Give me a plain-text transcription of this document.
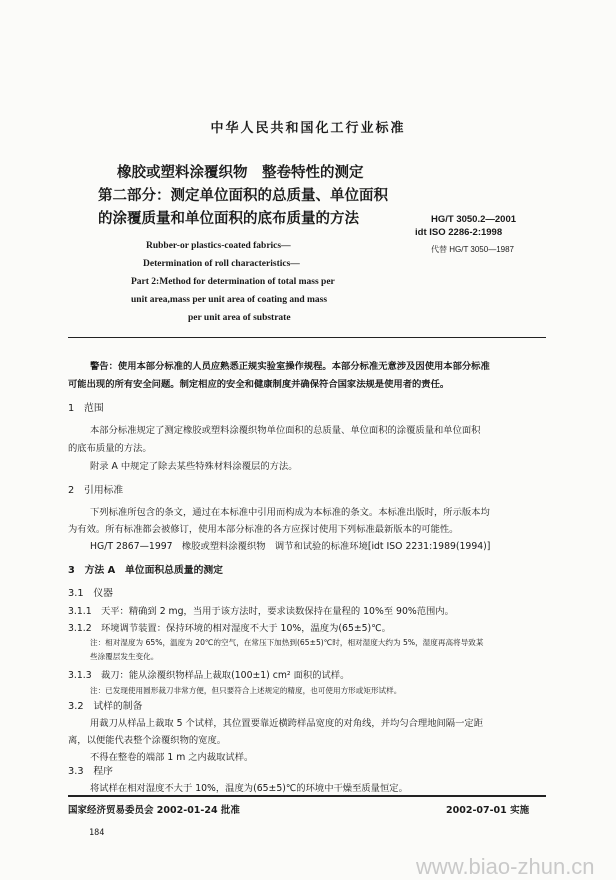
中华人民共和国化工行业标准
橡胶或塑料涂覆织物　整卷特性的测定
第二部分：测定单位面积的总质量、单位面积
的涂覆质量和单位面积的底布质量的方法	HG/T 3050.2—2001
idt ISO 2286-2:1998
代替 HG/T 3050—1987
Rubber-or plastics-coated fabrics—
Determination of roll characteristics—
Part 2:Method for determination of total mass per
unit area,mass per unit area of coating and mass
per unit area of substrate
警告：使用本部分标准的人员应熟悉正规实验室操作规程。本部分标准无意涉及因使用本部分标准
可能出现的所有安全问题。制定相应的安全和健康制度并确保符合国家法规是使用者的责任。
1　范围
本部分标准规定了测定橡胶或塑料涂覆织物单位面积的总质量、单位面积的涂覆质量和单位面积
的底布质量的方法。
附录 A 中规定了除去某些特殊材料涂覆层的方法。
2　引用标准
下列标准所包含的条文，通过在本标准中引用而构成为本标准的条文。本标准出版时，所示版本均
为有效。所有标准都会被修订，使用本部分标准的各方应探讨使用下列标准最新版本的可能性。
HG/T 2867—1997　橡胶或塑料涂覆织物　调节和试验的标准环境[idt ISO 2231:1989(1994)]
3　方法 A　单位面积总质量的测定
3.1　仪器
3.1.1　天平：精确到 2 mg，当用于该方法时，要求读数保持在量程的 10%至 90%范围内。
3.1.2　环境调节装置：保持环境的相对湿度不大于 10%，温度为(65±5)℃。
注：相对湿度为 65%，温度为 20℃的空气，在常压下加热到(65±5)℃时，相对湿度大约为 5%，湿度再高将导致某
些涂覆层发生变化。
3.1.3　裁刀：能从涂覆织物样品上裁取(100±1) cm² 面积的试样。
注：已发现使用圆形裁刀非常方便，但只要符合上述规定的精度，也可使用方形或矩形试样。
3.2　试样的制备
用裁刀从样品上裁取 5 个试样，其位置要靠近横跨样品宽度的对角线，并均匀合理地间隔一定距
离，以便能代表整个涂覆织物的宽度。
不得在整卷的端部 1 m 之内裁取试样。
3.3　程序
将试样在相对湿度不大于 10%，温度为(65±5)℃的环境中干燥至质量恒定。
国家经济贸易委员会 2002-01-24 批准	2002-07-01 实施
184
www.biao-zhun.cn
